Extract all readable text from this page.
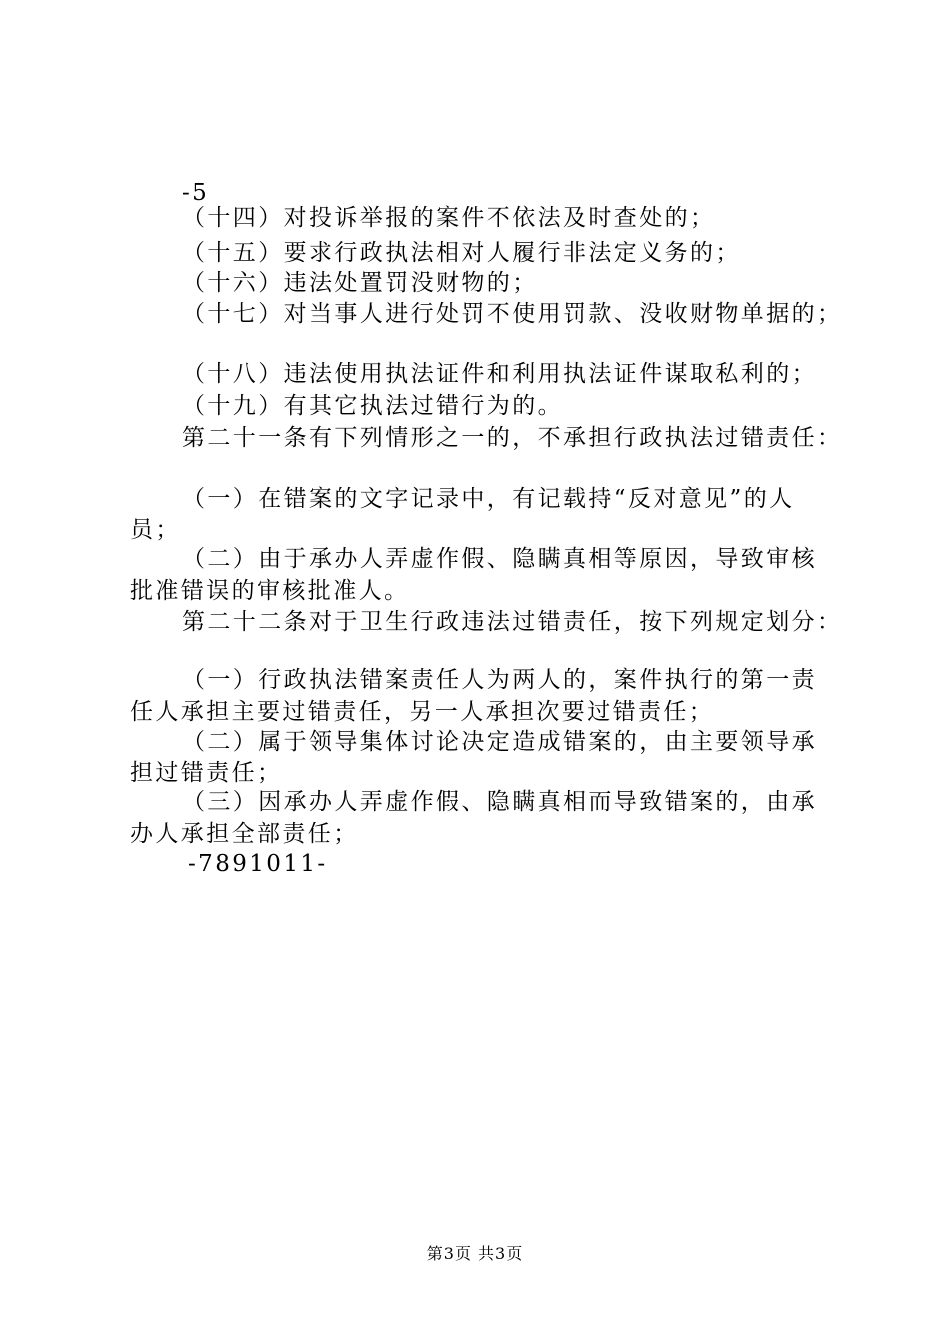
-5
（十四）对投诉举报的案件不依法及时查处的；
（十五）要求行政执法相对人履行非法定义务的；
（十六）违法处置罚没财物的；
（十七）对当事人进行处罚不使用罚款、没收财物单据的；
（十八）违法使用执法证件和利用执法证件谋取私利的；
（十九）有其它执法过错行为的。
第二十一条有下列情形之一的，不承担行政执法过错责任：
（一）在错案的文字记录中，有记载持“反对意见”的人
员；
（二）由于承办人弄虚作假、隐瞒真相等原因，导致审核
批准错误的审核批准人。
第二十二条对于卫生行政违法过错责任，按下列规定划分：
（一）行政执法错案责任人为两人的，案件执行的第一责
任人承担主要过错责任，另一人承担次要过错责任；
（二）属于领导集体讨论决定造成错案的，由主要领导承
担过错责任；
（三）因承办人弄虚作假、隐瞒真相而导致错案的，由承
办人承担全部责任；
-7891011-
第3页 共3页
